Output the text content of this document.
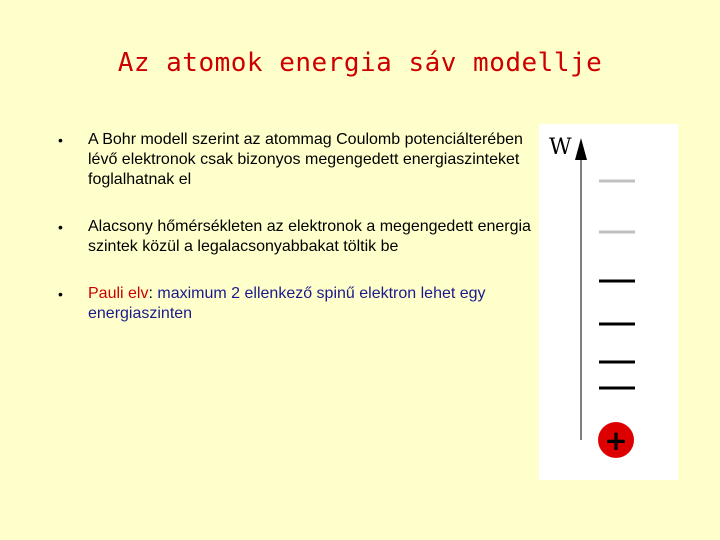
Az atomok energia sáv modellje
•	A Bohr modell szerint az atommag Coulomb potenciálterében lévő elektronok csak bizonyos megengedett energiaszinteket foglalhatnak el
•	Alacsony hőmérsékleten az elektronok a megengedett energia szintek közül a legalacsonyabbakat töltik be
•	Pauli elv: maximum 2 ellenkező spinű elektron lehet egy energiaszinten
W
+
